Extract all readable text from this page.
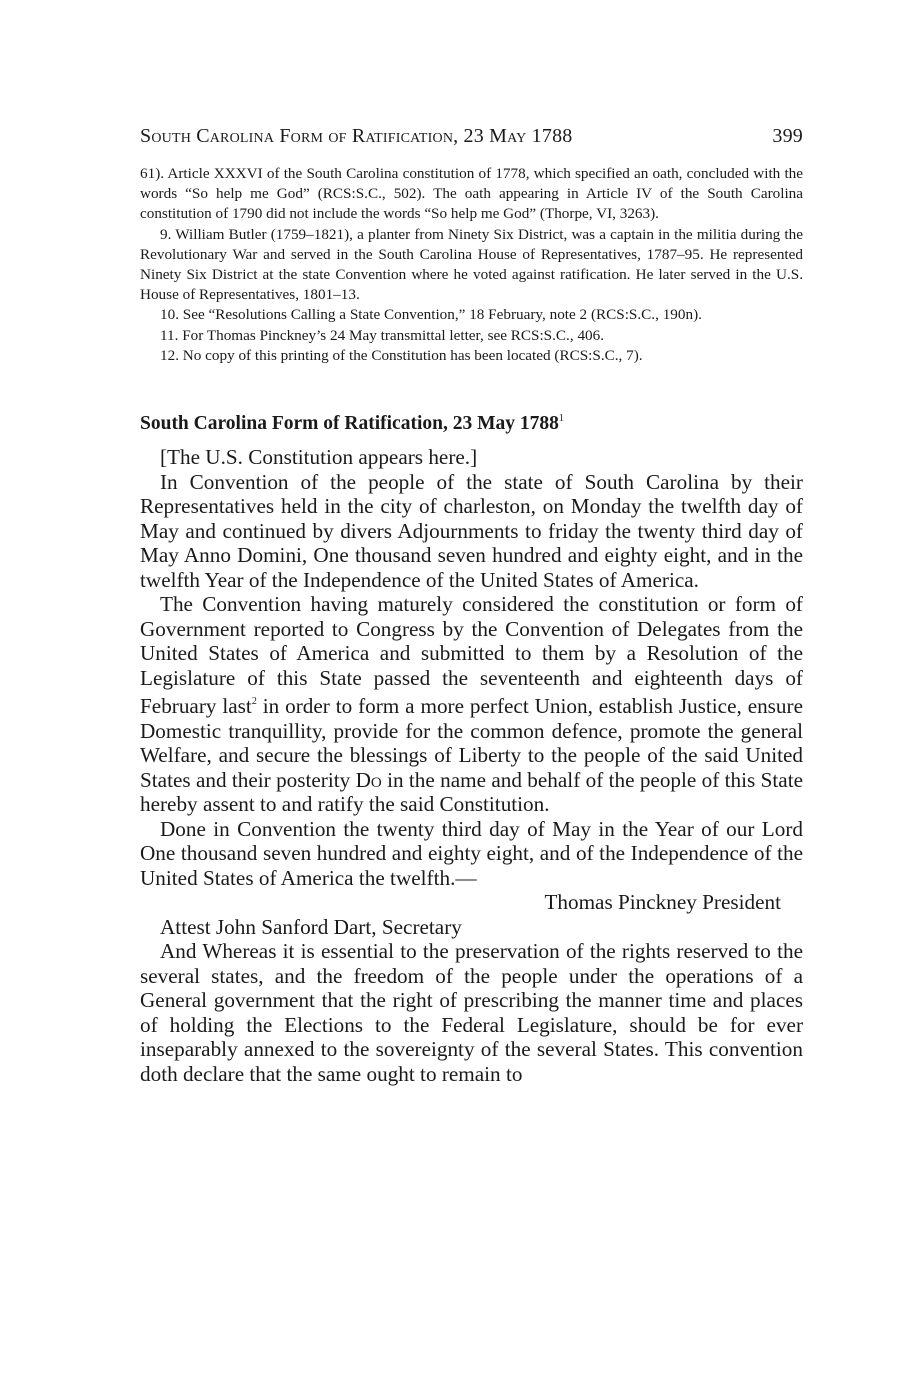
South Carolina Form of Ratification, 23 May 1788	399

61). Article XXXVI of the South Carolina constitution of 1778, which specified an oath, concluded with the words “So help me God” (RCS:S.C., 502). The oath appearing in Article IV of the South Carolina constitution of 1790 did not include the words “So help me God” (Thorpe, VI, 3263).

9. William Butler (1759–1821), a planter from Ninety Six District, was a captain in the militia during the Revolutionary War and served in the South Carolina House of Representatives, 1787–95. He represented Ninety Six District at the state Convention where he voted against ratification. He later served in the U.S. House of Representatives, 1801–13.

10. See “Resolutions Calling a State Convention,” 18 February, note 2 (RCS:S.C., 190n).

11. For Thomas Pinckney’s 24 May transmittal letter, see RCS:S.C., 406.

12. No copy of this printing of the Constitution has been located (RCS:S.C., 7).

South Carolina Form of Ratification, 23 May 1788$^1$

[The U.S. Constitution appears here.]

In Convention of the people of the state of South Carolina by their Representatives held in the city of charleston, on Monday the twelfth day of May and continued by divers Adjournments to friday the twenty third day of May Anno Domini, One thousand seven hundred and eighty eight, and in the twelfth Year of the Independence of the United States of America.

The Convention having maturely considered the constitution or form of Government reported to Congress by the Convention of Delegates from the United States of America and submitted to them by a Resolution of the Legislature of this State passed the seventeenth and eighteenth days of February last$^2$ in order to form a more perfect Union, establish Justice, ensure Domestic tranquillity, provide for the common defence, promote the general Welfare, and secure the blessings of Liberty to the people of the said United States and their posterity Do in the name and behalf of the people of this State hereby assent to and ratify the said Constitution.

Done in Convention the twenty third day of May in the Year of our Lord One thousand seven hundred and eighty eight, and of the Independence of the United States of America the twelfth.—

Thomas Pinckney President

Attest John Sanford Dart, Secretary

And Whereas it is essential to the preservation of the rights reserved to the several states, and the freedom of the people under the operations of a General government that the right of prescribing the manner time and places of holding the Elections to the Federal Legislature, should be for ever inseparably annexed to the sovereignty of the several States. This convention doth declare that the same ought to remain to
